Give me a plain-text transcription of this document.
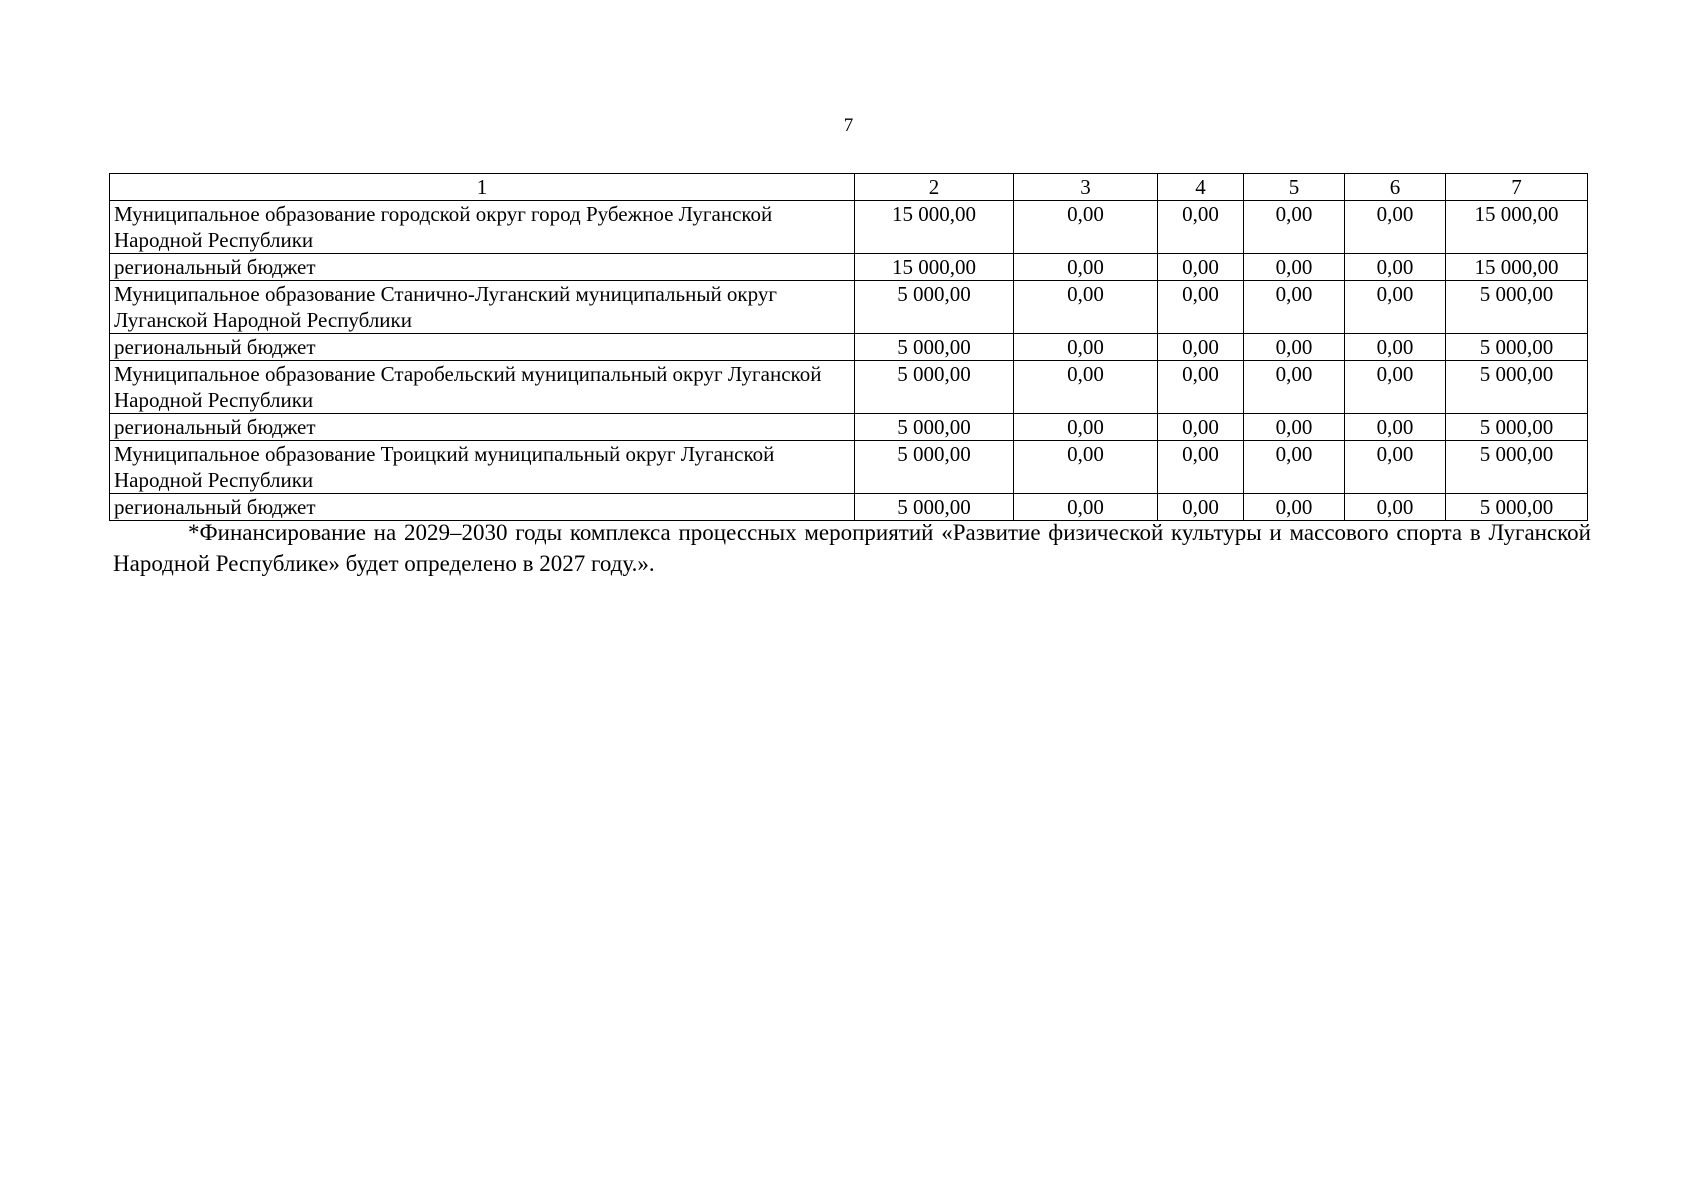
7
1	2	3	4	5	6	7
Муниципальное образование городской округ город Рубежное Луганской Народной Республики	15 000,00	0,00	0,00	0,00	0,00	15 000,00
региональный бюджет	15 000,00	0,00	0,00	0,00	0,00	15 000,00
Муниципальное образование Станично-Луганский муниципальный округ Луганской Народной Республики	5 000,00	0,00	0,00	0,00	0,00	5 000,00
региональный бюджет	5 000,00	0,00	0,00	0,00	0,00	5 000,00
Муниципальное образование Старобельский муниципальный округ Луганской Народной Республики	5 000,00	0,00	0,00	0,00	0,00	5 000,00
региональный бюджет	5 000,00	0,00	0,00	0,00	0,00	5 000,00
Муниципальное образование Троицкий муниципальный округ Луганской Народной Республики	5 000,00	0,00	0,00	0,00	0,00	5 000,00
региональный бюджет	5 000,00	0,00	0,00	0,00	0,00	5 000,00
*Финансирование на 2029–2030 годы комплекса процессных мероприятий «Развитие физической культуры и массового спорта в Луганской Народной Республике» будет определено в 2027 году.».
